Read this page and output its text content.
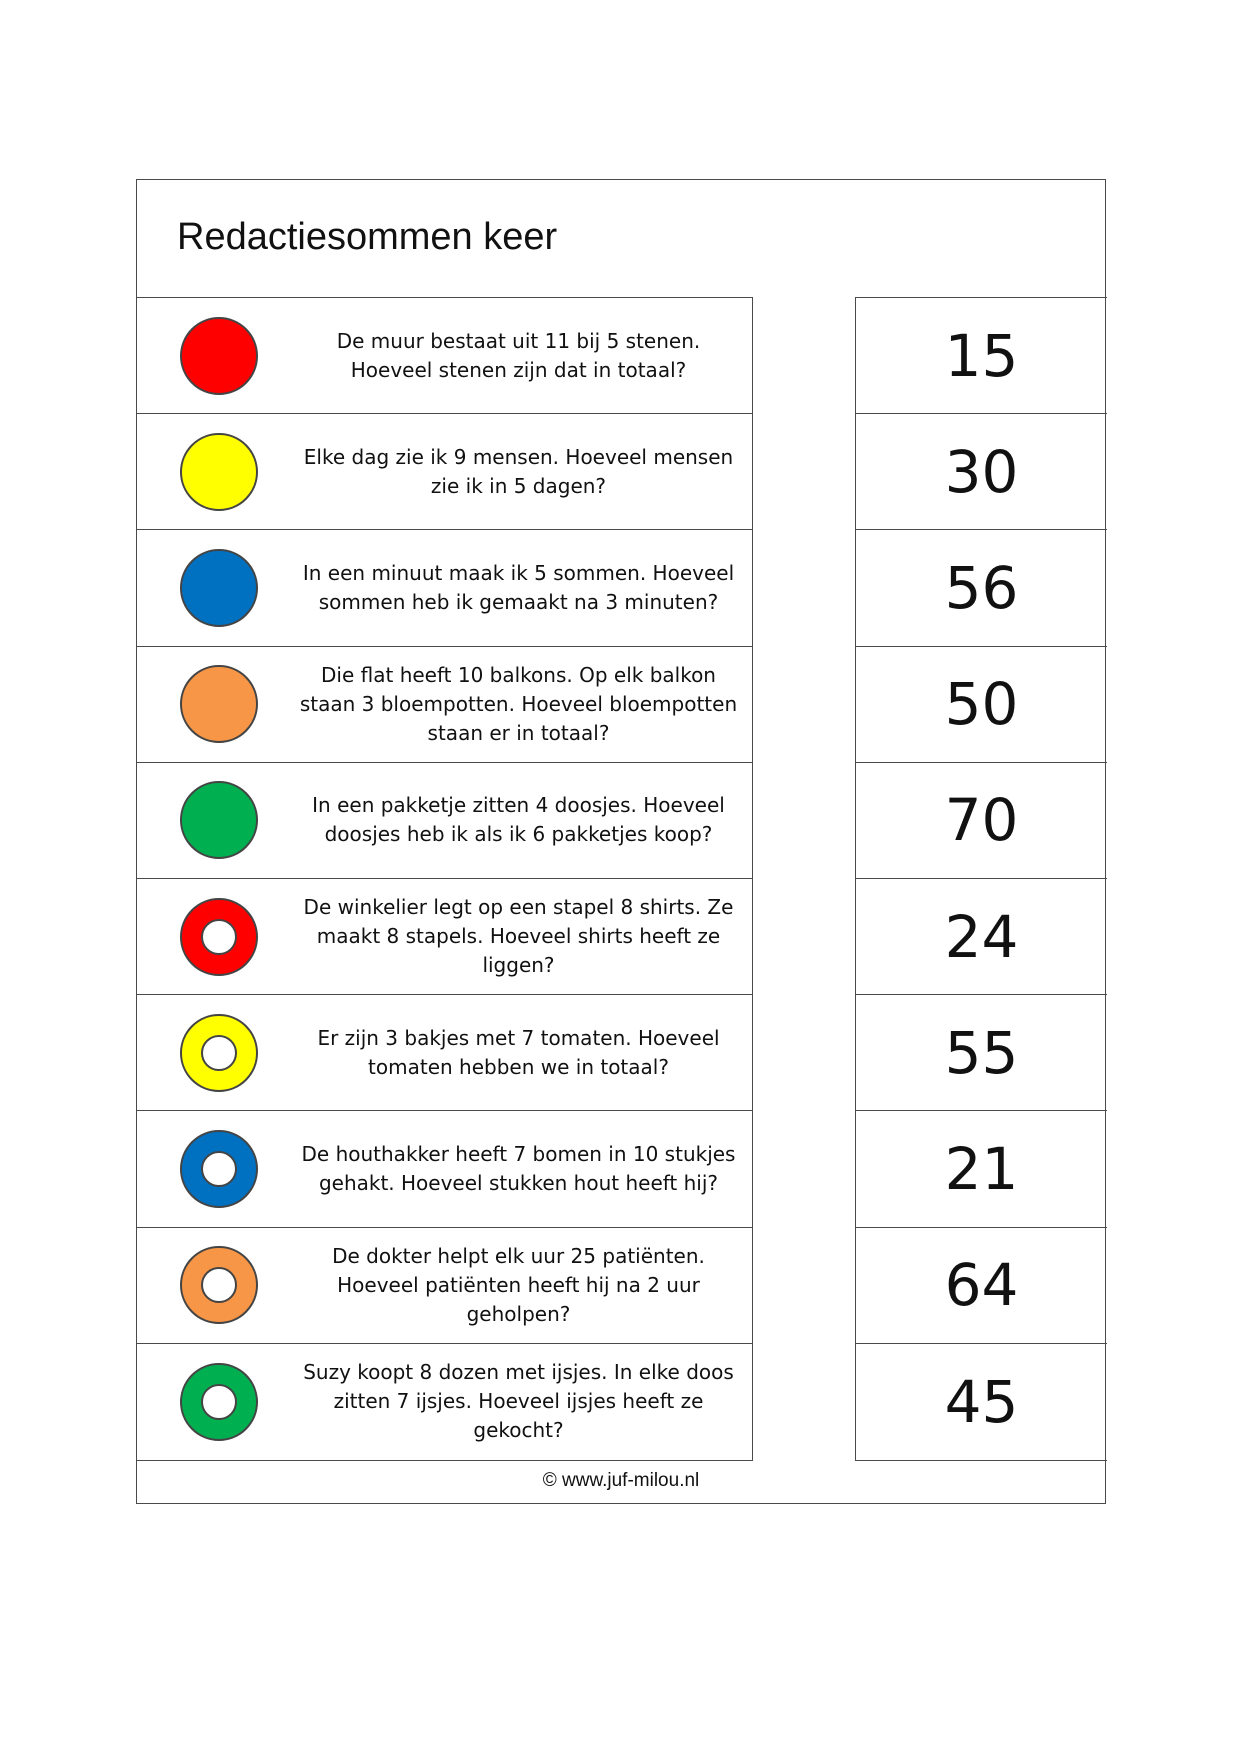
Redactiesommen keer
De muur bestaat uit 11 bij 5 stenen. Hoeveel stenen zijn dat in totaal?
Elke dag zie ik 9 mensen. Hoeveel mensen zie ik in 5 dagen?
In een minuut maak ik 5 sommen. Hoeveel sommen heb ik gemaakt na 3 minuten?
Die flat heeft 10 balkons. Op elk balkon staan 3 bloempotten. Hoeveel bloempotten staan er in totaal?
In een pakketje zitten 4 doosjes. Hoeveel doosjes heb ik als ik 6 pakketjes koop?
De winkelier legt op een stapel 8 shirts. Ze maakt 8 stapels. Hoeveel shirts heeft ze liggen?
Er zijn 3 bakjes met 7 tomaten. Hoeveel tomaten hebben we in totaal?
De houthakker heeft 7 bomen in 10 stukjes gehakt. Hoeveel stukken hout heeft hij?
De dokter helpt elk uur 25 patiënten. Hoeveel patiënten heeft hij na 2 uur geholpen?
Suzy koopt 8 dozen met ijsjes. In elke doos zitten 7 ijsjes. Hoeveel ijsjes heeft ze gekocht?
15
30
56
50
70
24
55
21
64
45
© www.juf-milou.nl
